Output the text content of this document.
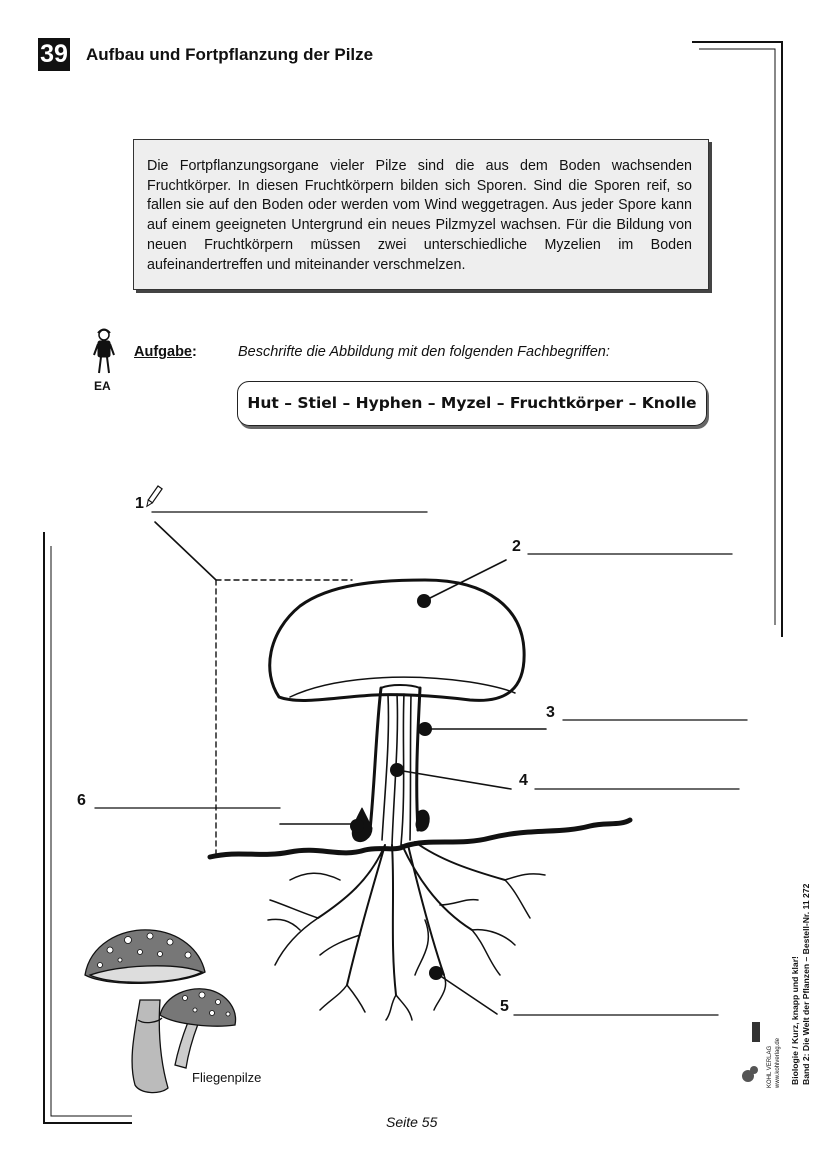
39 Aufbau und Fortpflanzung der Pilze
Die Fortpflanzungsorgane vieler Pilze sind die aus dem Boden wachsenden Fruchtkörper. In diesen Fruchtkörpern bilden sich Sporen. Sind die Sporen reif, so fallen sie auf den Boden oder werden vom Wind weggetragen. Aus jeder Spore kann auf einem geeigneten Untergrund ein neues Pilzmyzel wachsen. Für die Bildung von neuen Fruchtkörpern müssen zwei unterschiedliche Myzelien im Boden aufeinandertreffen und miteinander verschmelzen.
EA
Aufgabe:	Beschrifte die Abbildung mit den folgenden Fachbegriffen:
Hut – Stiel – Hyphen – Myzel – Fruchtkörper – Knolle
1
2
3
4
5
6
Fliegenpilze
Seite 55
Biologie / Kurz, knapp und klar! Band 2: Die Welt der Pflanzen – Bestell-Nr. 11 272
KOHL VERLAG www.kohlverlag.de
